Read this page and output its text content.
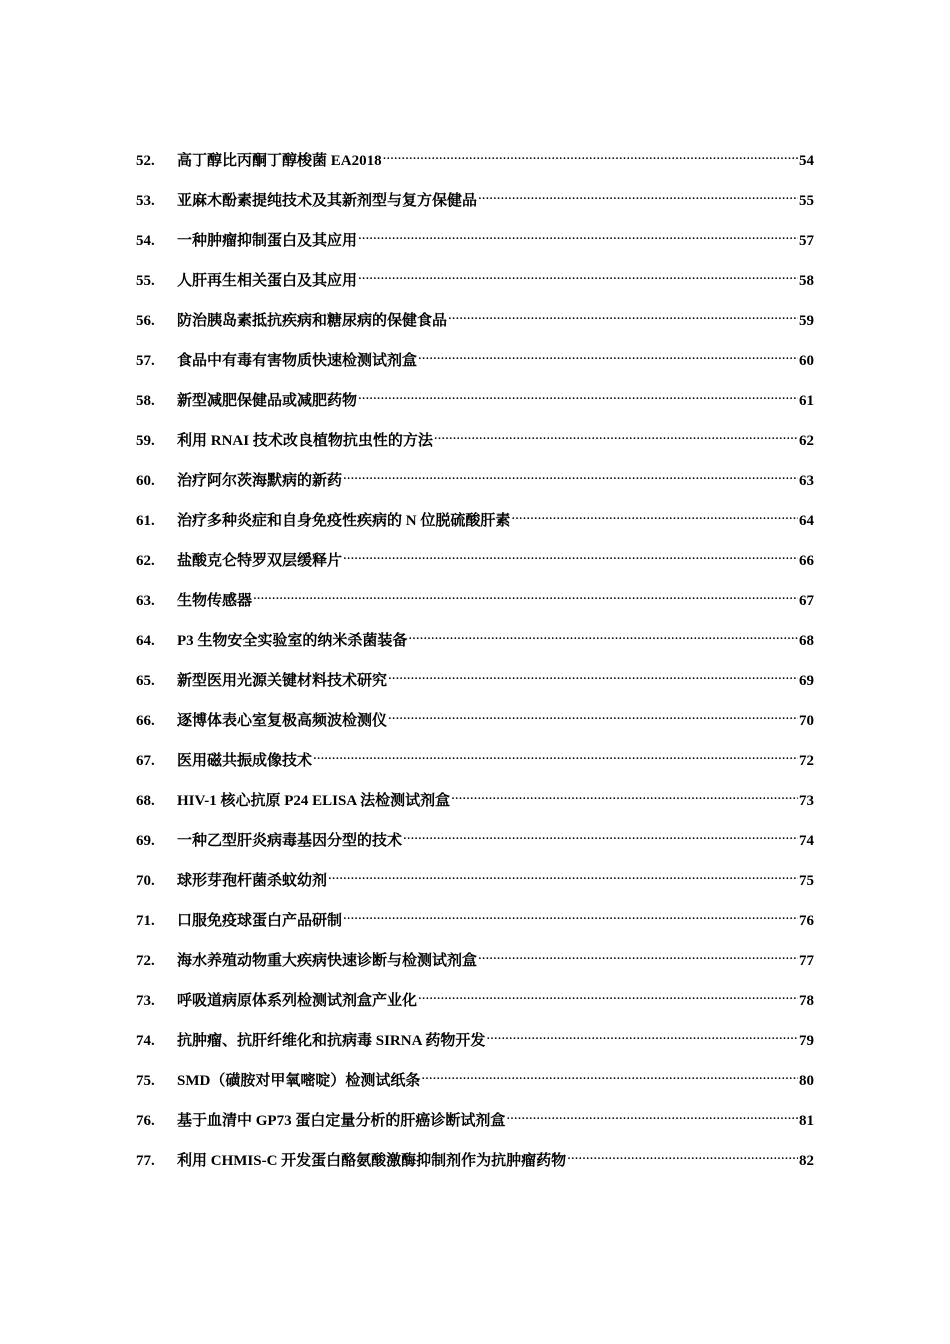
52.	高丁醇比丙酮丁醇梭菌 EA2018 .....	54
53.	亚麻木酚素提纯技术及其新剂型与复方保健品 .....	55
54.	一种肿瘤抑制蛋白及其应用 .....	57
55.	人肝再生相关蛋白及其应用 .....	58
56.	防治胰岛素抵抗疾病和糖尿病的保健食品 .....	59
57.	食品中有毒有害物质快速检测试剂盒 .....	60
58.	新型减肥保健品或减肥药物 .....	61
59.	利用 RNAI 技术改良植物抗虫性的方法 .....	62
60.	治疗阿尔茨海默病的新药 .....	63
61.	治疗多种炎症和自身免疫性疾病的 N 位脱硫酸肝素 .....	64
62.	盐酸克仑特罗双层缓释片 .....	66
63.	生物传感器 .....	67
64.	P3 生物安全实验室的纳米杀菌装备 .....	68
65.	新型医用光源关键材料技术研究 .....	69
66.	逐博体表心室复极高频波检测仪 .....	70
67.	医用磁共振成像技术 .....	72
68.	HIV-1 核心抗原 P24 ELISA 法检测试剂盒 .....	73
69.	一种乙型肝炎病毒基因分型的技术 .....	74
70.	球形芽孢杆菌杀蚊幼剂 .....	75
71.	口服免疫球蛋白产品研制 .....	76
72.	海水养殖动物重大疾病快速诊断与检测试剂盒 .....	77
73.	呼吸道病原体系列检测试剂盒产业化 .....	78
74.	抗肿瘤、抗肝纤维化和抗病毒 SIRNA 药物开发 .....	79
75.	SMD（磺胺对甲氧嘧啶）检测试纸条 .....	80
76.	基于血清中 GP73 蛋白定量分析的肝癌诊断试剂盒 .....	81
77.	利用 CHMIS-C 开发蛋白酪氨酸激酶抑制剂作为抗肿瘤药物 .....	82
